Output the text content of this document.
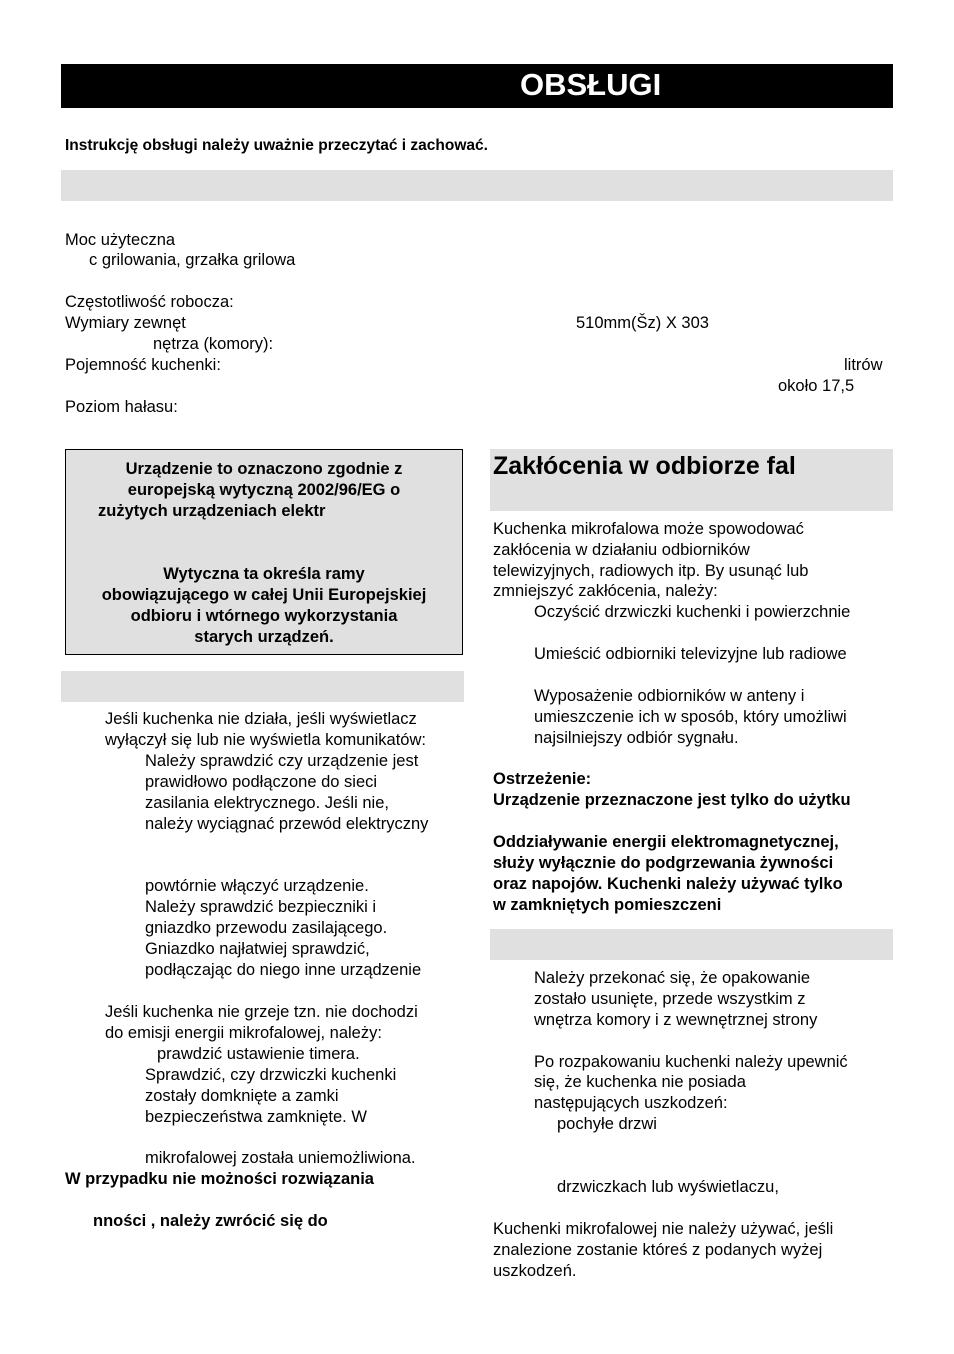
OBSŁUGI
Instrukcję obsługi należy uważnie przeczytać i zachować.
Moc użyteczna
c grilowania, grzałka grilowa
Częstotliwość robocza:
Wymiary zewnęt	510mm(Šz) X 303
nętrza (komory):
Pojemność kuchenki:	litrów
około 17,5
Poziom hałasu:
Urządzenie to oznaczono zgodnie z
europejską wytyczną 2002/96/EG o
zużytych urządzeniach elektr
Wytyczna ta określa ramy
obowiązującego w całej Unii Europejskiej
odbioru i wtórnego wykorzystania
starych urządzeń.
Jeśli kuchenka nie działa, jeśli wyświetlacz
wyłączył się lub nie wyświetla komunikatów:
Należy sprawdzić czy urządzenie jest
prawidłowo podłączone do sieci
zasilania elektrycznego. Jeśli nie,
należy wyciągnać przewód elektryczny
powtórnie włączyć urządzenie.
Należy sprawdzić bezpieczniki i
gniazdko przewodu zasilającego.
Gniazdko najłatwiej sprawdzić,
podłączając do niego inne urządzenie
Jeśli kuchenka nie grzeje tzn. nie dochodzi
do emisji energii mikrofalowej, należy:
prawdzić ustawienie timera.
Sprawdzić, czy drzwiczki kuchenki
zostały domknięte a zamki
bezpieczeństwa zamknięte. W
mikrofalowej została uniemożliwiona.
W przypadku nie możności rozwiązania
nności , należy zwrócić się do
Zakłócenia w odbiorze fal
Kuchenka mikrofalowa może spowodować
zakłócenia w działaniu odbiorników
telewizyjnych, radiowych itp. By usunąć lub
zmniejszyć zakłócenia, należy:
Oczyścić drzwiczki kuchenki i powierzchnie
Umieścić odbiorniki televizyjne lub radiowe
Wyposażenie odbiorników w anteny i
umieszczenie ich w sposób, który umożliwi
najsilniejszy odbiór sygnału.
Ostrzeżenie:
Urządzenie przeznaczone jest tylko do użytku
Oddziaływanie energii elektromagnetycznej,
służy wyłącznie do podgrzewania żywności
oraz napojów. Kuchenki należy używać tylko
w zamkniętych pomieszczeni
Należy przekonać się, że opakowanie
zostało usunięte, przede wszystkim z
wnętrza komory i z wewnętrznej strony
Po rozpakowaniu kuchenki należy upewnić
się, że kuchenka nie posiada
następujących uszkodzeń:
pochyłe drzwi
drzwiczkach lub wyświetlaczu,
Kuchenki mikrofalowej nie należy używać, jeśli
znalezione zostanie któreś z podanych wyżej
uszkodzeń.
